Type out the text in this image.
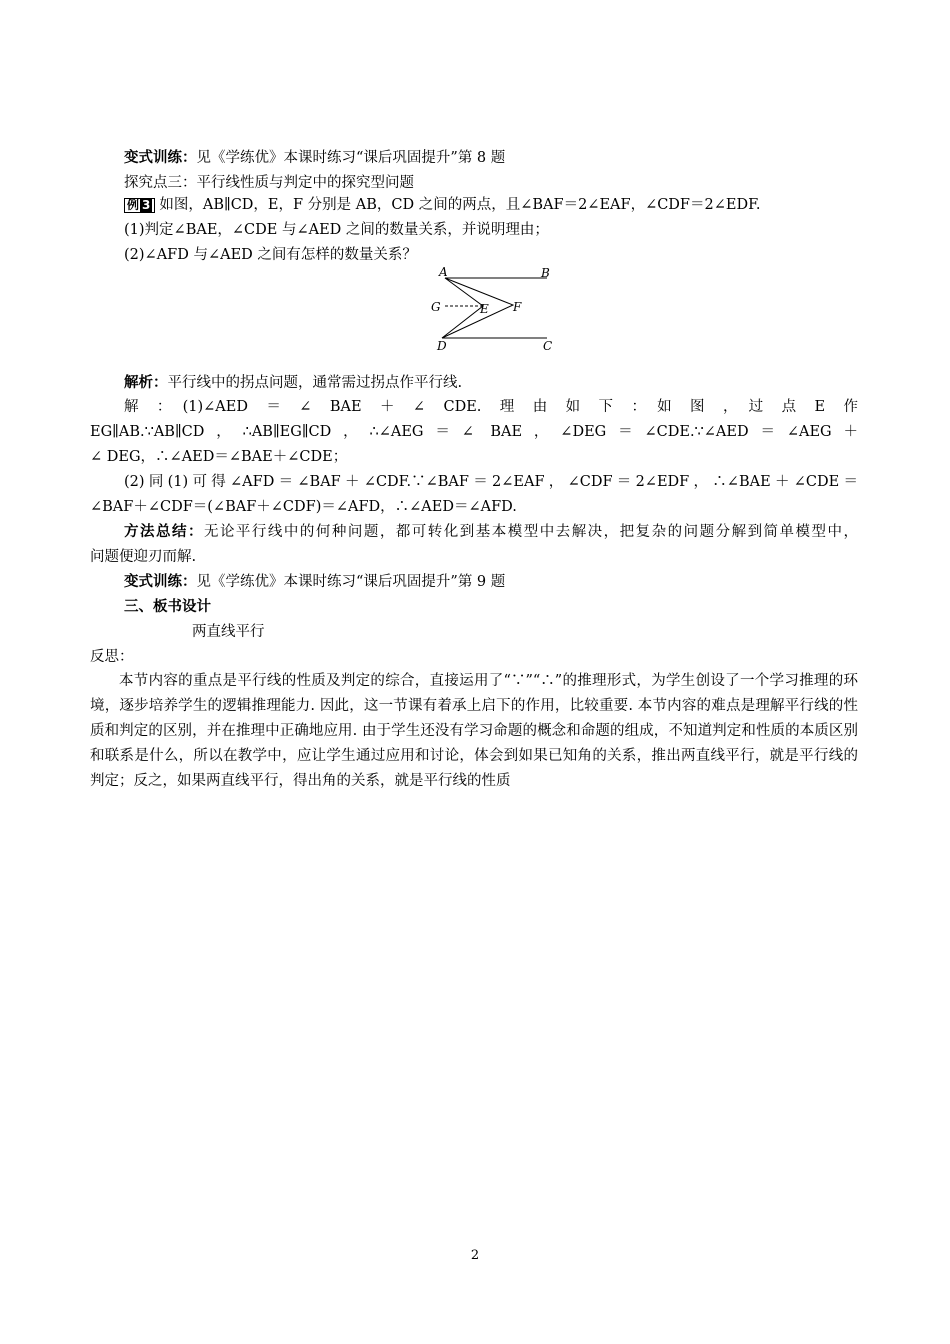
变式训练：见《学练优》本课时练习“课后巩固提升”第 8 题
探究点三：平行线性质与判定中的探究型问题
例 3 如图，AB∥CD，E，F 分别是 AB，CD 之间的两点，且∠BAF＝2∠EAF，∠CDF＝2∠EDF.
(1)判定∠BAE，∠CDE 与∠AED 之间的数量关系，并说明理由；
(2)∠AFD 与∠AED 之间有怎样的数量关系？
A	B
G	E F
D	C
解析：平行线中的拐点问题，通常需过拐点作平行线.
解　：　(1)∠AED　＝　∠　BAE　＋　∠　CDE.　理　由　如　下　：　如　图　，　过　点　E　作
EG∥AB.∵AB∥CD，∴AB∥EG∥CD，∴∠AEG＝∠ BAE，∠DEG＝∠CDE.∵∠AED＝∠AEG＋
∠ DEG，∴∠AED＝∠BAE＋∠CDE；
(2)同(1)可得∠AFD＝∠BAF＋∠CDF.∵∠BAF＝2∠EAF，∠CDF＝2∠EDF，∴∠BAE＋∠CDE＝
∠BAF＋∠CDF＝(∠BAF＋∠CDF)＝∠AFD，∴∠AED＝∠AFD.
方法总结：无论平行线中的何种问题，都可转化到基本模型中去解决，把复杂的问题分解到简单模型中，
问题便迎刃而解.
变式训练：见《学练优》本课时练习“课后巩固提升”第 9 题
三、板书设计
两直线平行
反思：
本节内容的重点是平行线的性质及判定的综合，直接运用了“∵”“∴”的推理形式，为学生创设了一个学习推理的环境，逐步培养学生的逻辑推理能力. 因此，这一节课有着承上启下的作用，比较重要. 本节内容的难点是理解平行线的性质和判定的区别，并在推理中正确地应用. 由于学生还没有学习命题的概念和命题的组成，不知道判定和性质的本质区别和联系是什么，所以在教学中，应让学生通过应用和讨论，体会到如果已知角的关系，推出两直线平行，就是平行线的判定；反之，如果两直线平行，得出角的关系，就是平行线的性质
2
